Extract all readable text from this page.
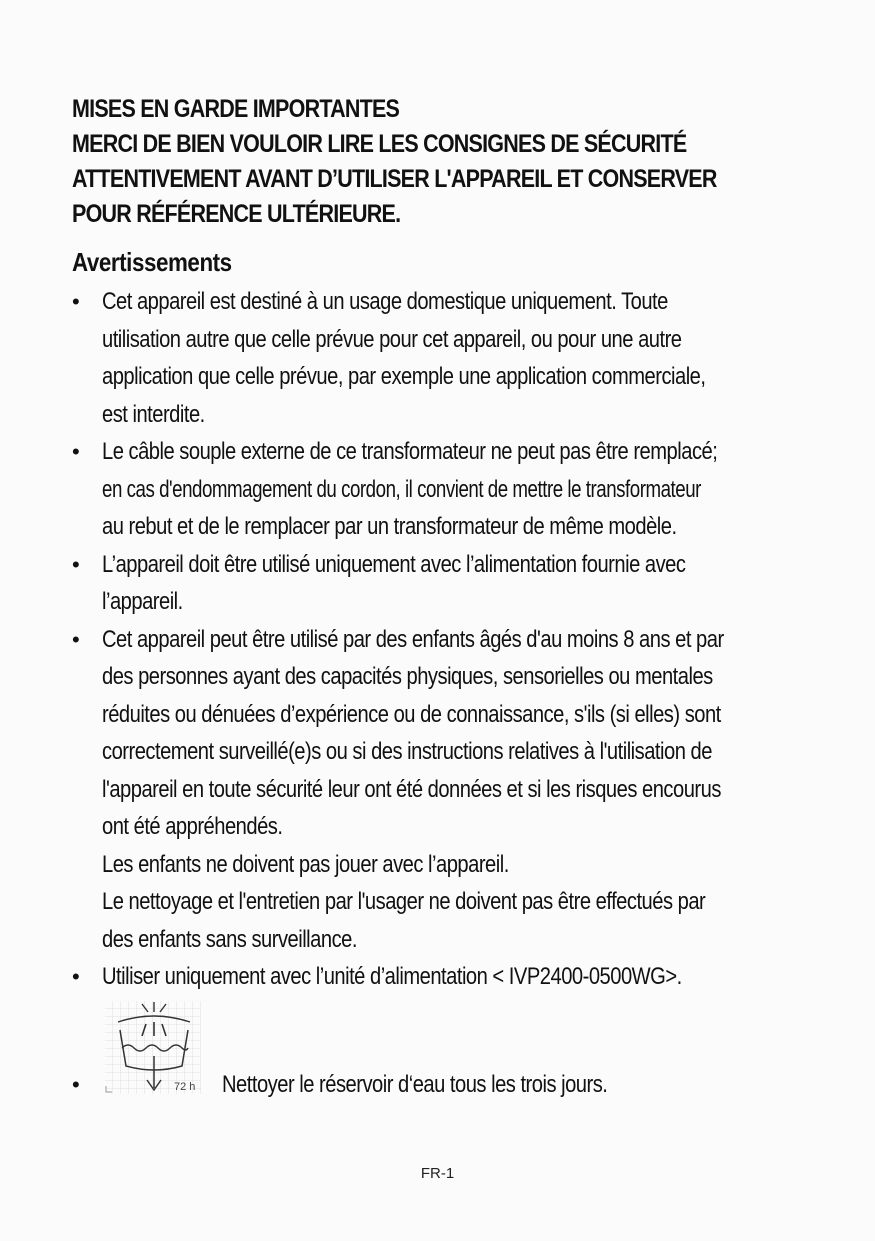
MISES EN GARDE IMPORTANTES
MERCI DE BIEN VOULOIR LIRE LES CONSIGNES DE SÉCURITÉ
ATTENTIVEMENT AVANT D’UTILISER L'APPAREIL ET CONSERVER
POUR RÉFÉRENCE ULTÉRIEURE.
Avertissements
• Cet appareil est destiné à un usage domestique uniquement. Toute
utilisation autre que celle prévue pour cet appareil, ou pour une autre
application que celle prévue, par exemple une application commerciale,
est interdite.
• Le câble souple externe de ce transformateur ne peut pas être remplacé;
en cas d'endommagement du cordon, il convient de mettre le transformateur
au rebut et de le remplacer par un transformateur de même modèle.
• L’appareil doit être utilisé uniquement avec l’alimentation fournie avec
l’appareil.
• Cet appareil peut être utilisé par des enfants âgés d'au moins 8 ans et par
des personnes ayant des capacités physiques, sensorielles ou mentales
réduites ou dénuées d’expérience ou de connaissance, s'ils (si elles) sont
correctement surveillé(e)s ou si des instructions relatives à l'utilisation de
l'appareil en toute sécurité leur ont été données et si les risques encourus
ont été appréhendés.
Les enfants ne doivent pas jouer avec l’appareil.
Le nettoyage et l'entretien par l'usager ne doivent pas être effectués par
des enfants sans surveillance.
• Utiliser uniquement avec l’unité d’alimentation < IVP2400-0500WG>.
•	72 h Nettoyer le réservoir d‘eau tous les trois jours.
FR-1
